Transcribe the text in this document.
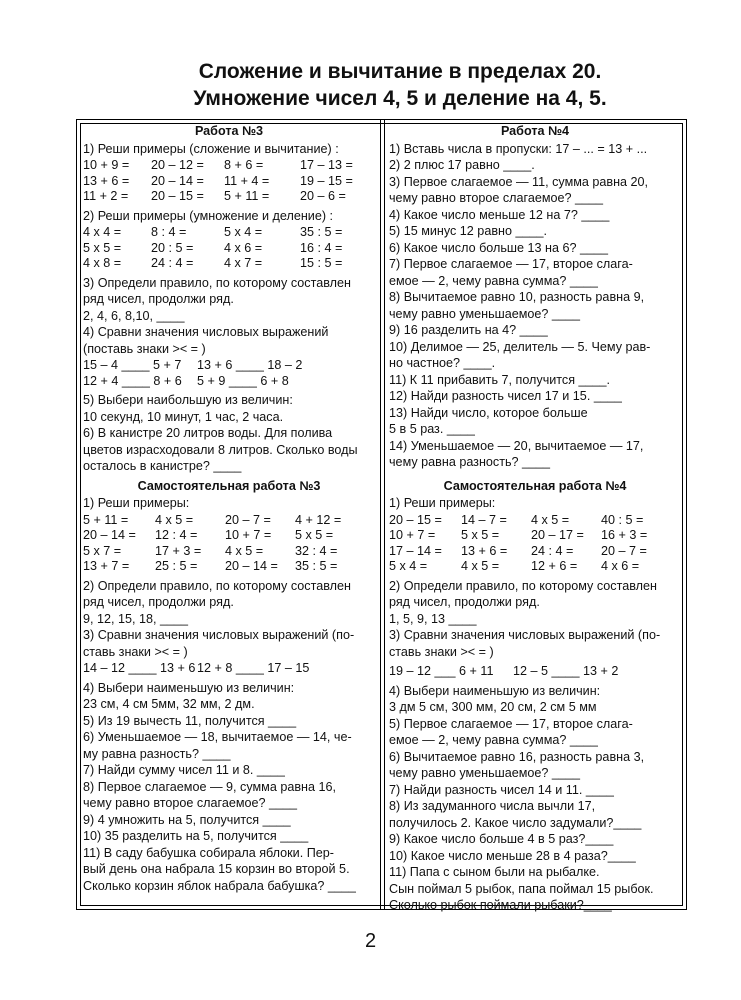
Сложение и вычитание в пределах 20.
Умножение чисел 4, 5 и деление на 4, 5.
Работа №3
1) Реши примеры (сложение и вычитание) :
10 + 9 =	20 – 12 =	8 + 6 =	17 – 13 =
13 + 6 =	20 – 14 =	11 + 4 =	19 – 15 =
11 + 2 =	20 – 15 =	5 + 11 =	20 – 6 =
2) Реши примеры (умножение и деление) :
4 х 4 =	8 : 4 =	5 х 4 =	35 : 5 =
5 х 5 =	20 : 5 =	4 х 6 =	16 : 4 =
4 х 8 =	24 : 4 =	4 х 7 =	15 : 5 =
3) Определи правило, по которому составлен
ряд чисел, продолжи ряд.
2, 4, 6, 8,10, ____
4) Сравни значения числовых выражений
(поставь знаки >< = )
15 – 4 ____ 5 + 7	13 + 6 ____ 18 – 2
12 + 4 ____ 8 + 6	5 + 9 ____ 6 + 8
5) Выбери наибольшую из величин:
10 секунд, 10 минут, 1 час, 2 часа.
6) В канистре 20 литров воды. Для полива
цветов израсходовали 8 литров. Сколько воды
осталось в канистре? ____
Самостоятельная работа №3
1) Реши примеры:
5 + 11 =	4 х 5 =	20 – 7 =	4 + 12 =
20 – 14 =	12 : 4 =	10 + 7 =	5 х 5 =
5 х 7 =	17 + 3 =	4 х 5 =	32 : 4 =
13 + 7 =	25 : 5 =	20 – 14 =	35 : 5 =
2) Определи правило, по которому составлен
ряд чисел, продолжи ряд.
9, 12, 15, 18, ____
3) Сравни значения числовых выражений (по-
ставь знаки >< = )
14 – 12 ____ 13 + 6 12 + 8 ____ 17 – 15
4) Выбери наименьшую из величин:
23 см, 4 см 5мм, 32 мм, 2 дм.
5) Из 19 вычесть 11, получится ____
6) Уменьшаемое — 18, вычитаемое — 14, че-
му равна разность? ____
7) Найди сумму чисел 11 и 8. ____
8) Первое слагаемое — 9, сумма равна 16,
чему равно второе слагаемое? ____
9) 4 умножить на 5, получится ____
10) 35 разделить на 5, получится ____
11) В саду бабушка собирала яблоки. Пер-
вый день она набрала 15 корзин во второй 5.
Сколько корзин яблок набрала бабушка? ____
Работа №4
1) Вставь числа в пропуски: 17 – ... = 13 + ...
2) 2 плюс 17 равно ____.
3) Первое слагаемое — 11, сумма равна 20,
чему равно второе слагаемое? ____
4) Какое число меньше 12 на 7? ____
5) 15 минус 12 равно ____.
6) Какое число больше 13 на 6? ____
7) Первое слагаемое — 17, второе слага-
емое — 2, чему равна сумма? ____
8) Вычитаемое равно 10, разность равна 9,
чему равно уменьшаемое? ____
9) 16 разделить на 4? ____
10) Делимое — 25, делитель — 5. Чему рав-
но частное? ____.
11) К 11 прибавить 7, получится ____.
12) Найди разность чисел 17 и 15. ____
13) Найди число, которое больше
5 в 5 раз. ____
14) Уменьшаемое — 20, вычитаемое — 17,
чему равна разность? ____
Самостоятельная работа №4
1) Реши примеры:
20 – 15 =	14 – 7 =	4 х 5 =	40 : 5 =
10 + 7 =	5 х 5 =	20 – 17 =	16 + 3 =
17 – 14 =	13 + 6 =	24 : 4 =	20 – 7 =
5 х 4 =	4 х 5 =	12 + 6 =	4 х 6 =
2) Определи правило, по которому составлен
ряд чисел, продолжи ряд.
1, 5, 9, 13 ____
3) Сравни значения числовых выражений (по-
ставь знаки >< = )
19 – 12 ___ 6 + 11	12 – 5 ____ 13 + 2
4) Выбери наименьшую из величин:
3 дм 5 см, 300 мм, 20 см, 2 см 5 мм
5) Первое слагаемое — 17, второе слага-
емое — 2, чему равна сумма? ____
6) Вычитаемое равно 16, разность равна 3,
чему равно уменьшаемое? ____
7) Найди разность чисел 14 и 11. ____
8) Из задуманного числа вычли 17,
получилось 2. Какое число задумали?____
9) Какое число больше 4 в 5 раз?____
10) Какое число меньше 28 в 4 раза?____
11) Папа с сыном были на рыбалке.
Сын поймал 5 рыбок, папа поймал 15 рыбок.
Сколько рыбок поймали рыбаки?____
2
